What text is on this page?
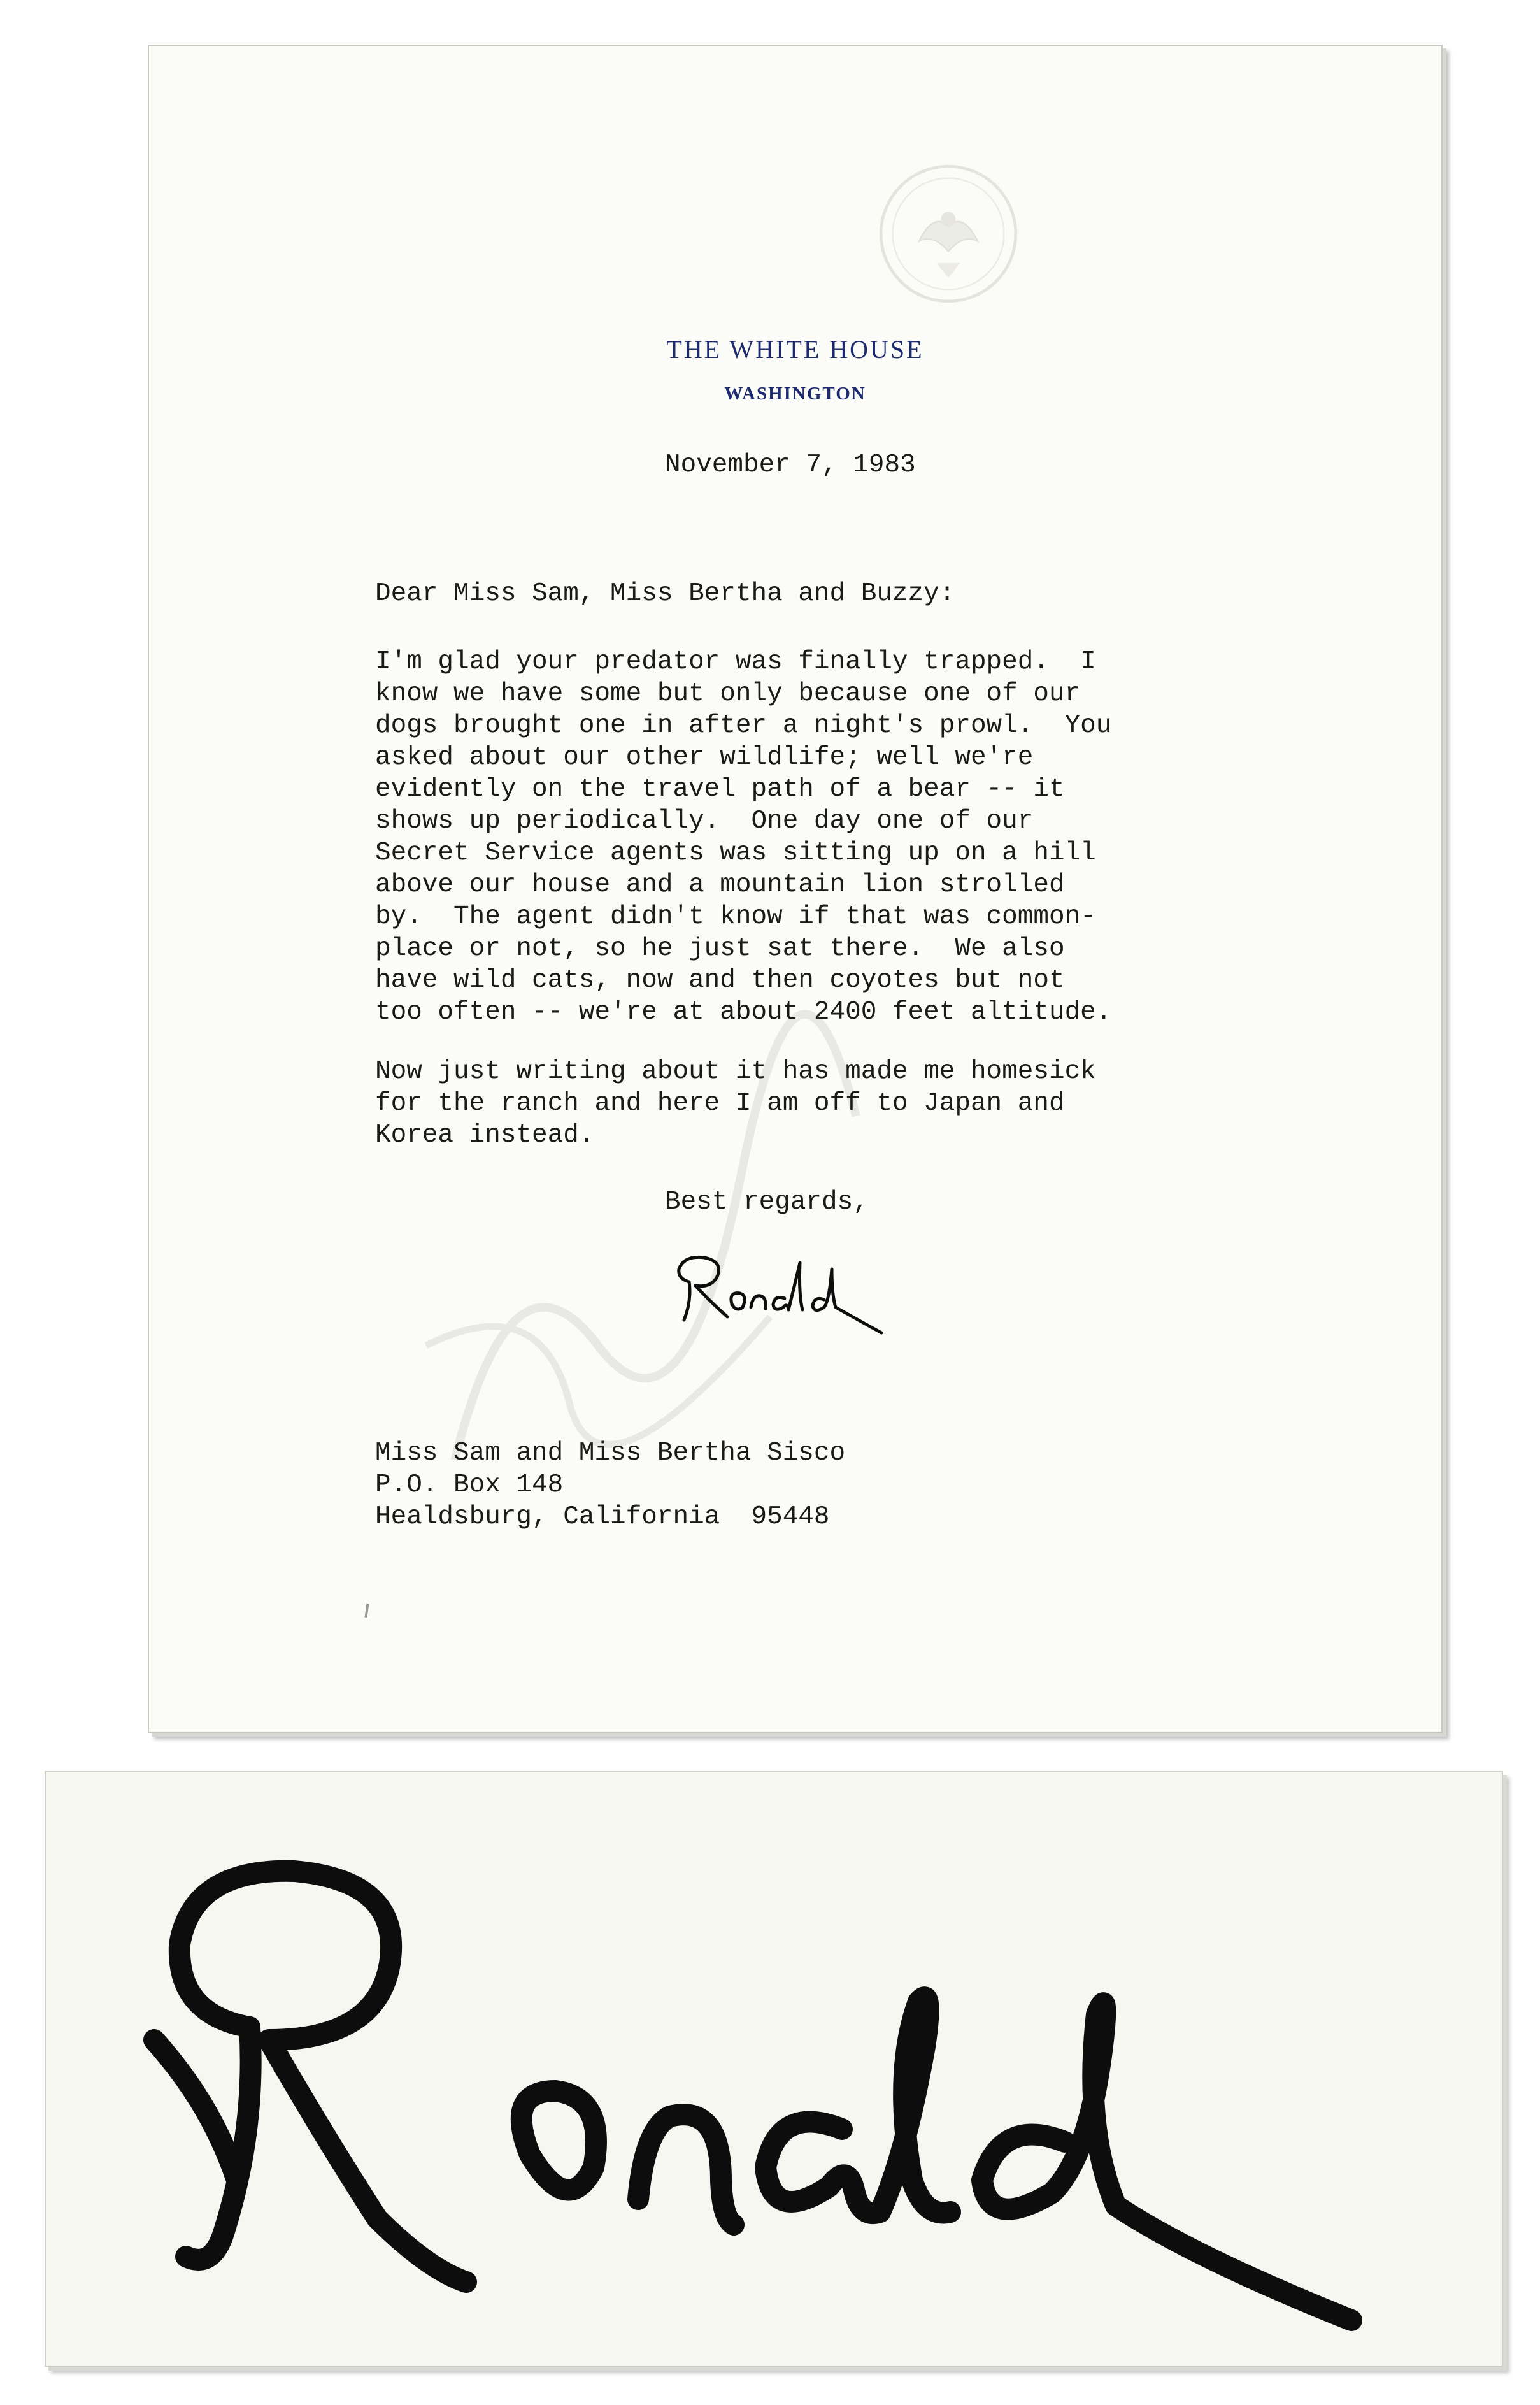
THE WHITE HOUSE
WASHINGTON

November 7, 1983

Dear Miss Sam, Miss Bertha and Buzzy:

I'm glad your predator was finally trapped.  I
know we have some but only because one of our
dogs brought one in after a night's prowl.  You
asked about our other wildlife; well we're
evidently on the travel path of a bear -- it
shows up periodically.  One day one of our
Secret Service agents was sitting up on a hill
above our house and a mountain lion strolled
by.  The agent didn't know if that was common-
place or not, so he just sat there.  We also
have wild cats, now and then coyotes but not
too often -- we're at about 2400 feet altitude.

Now just writing about it has made me homesick
for the ranch and here I am off to Japan and
Korea instead.

Best regards,

Miss Sam and Miss Bertha Sisco
P.O. Box 148
Healdsburg, California  95448
